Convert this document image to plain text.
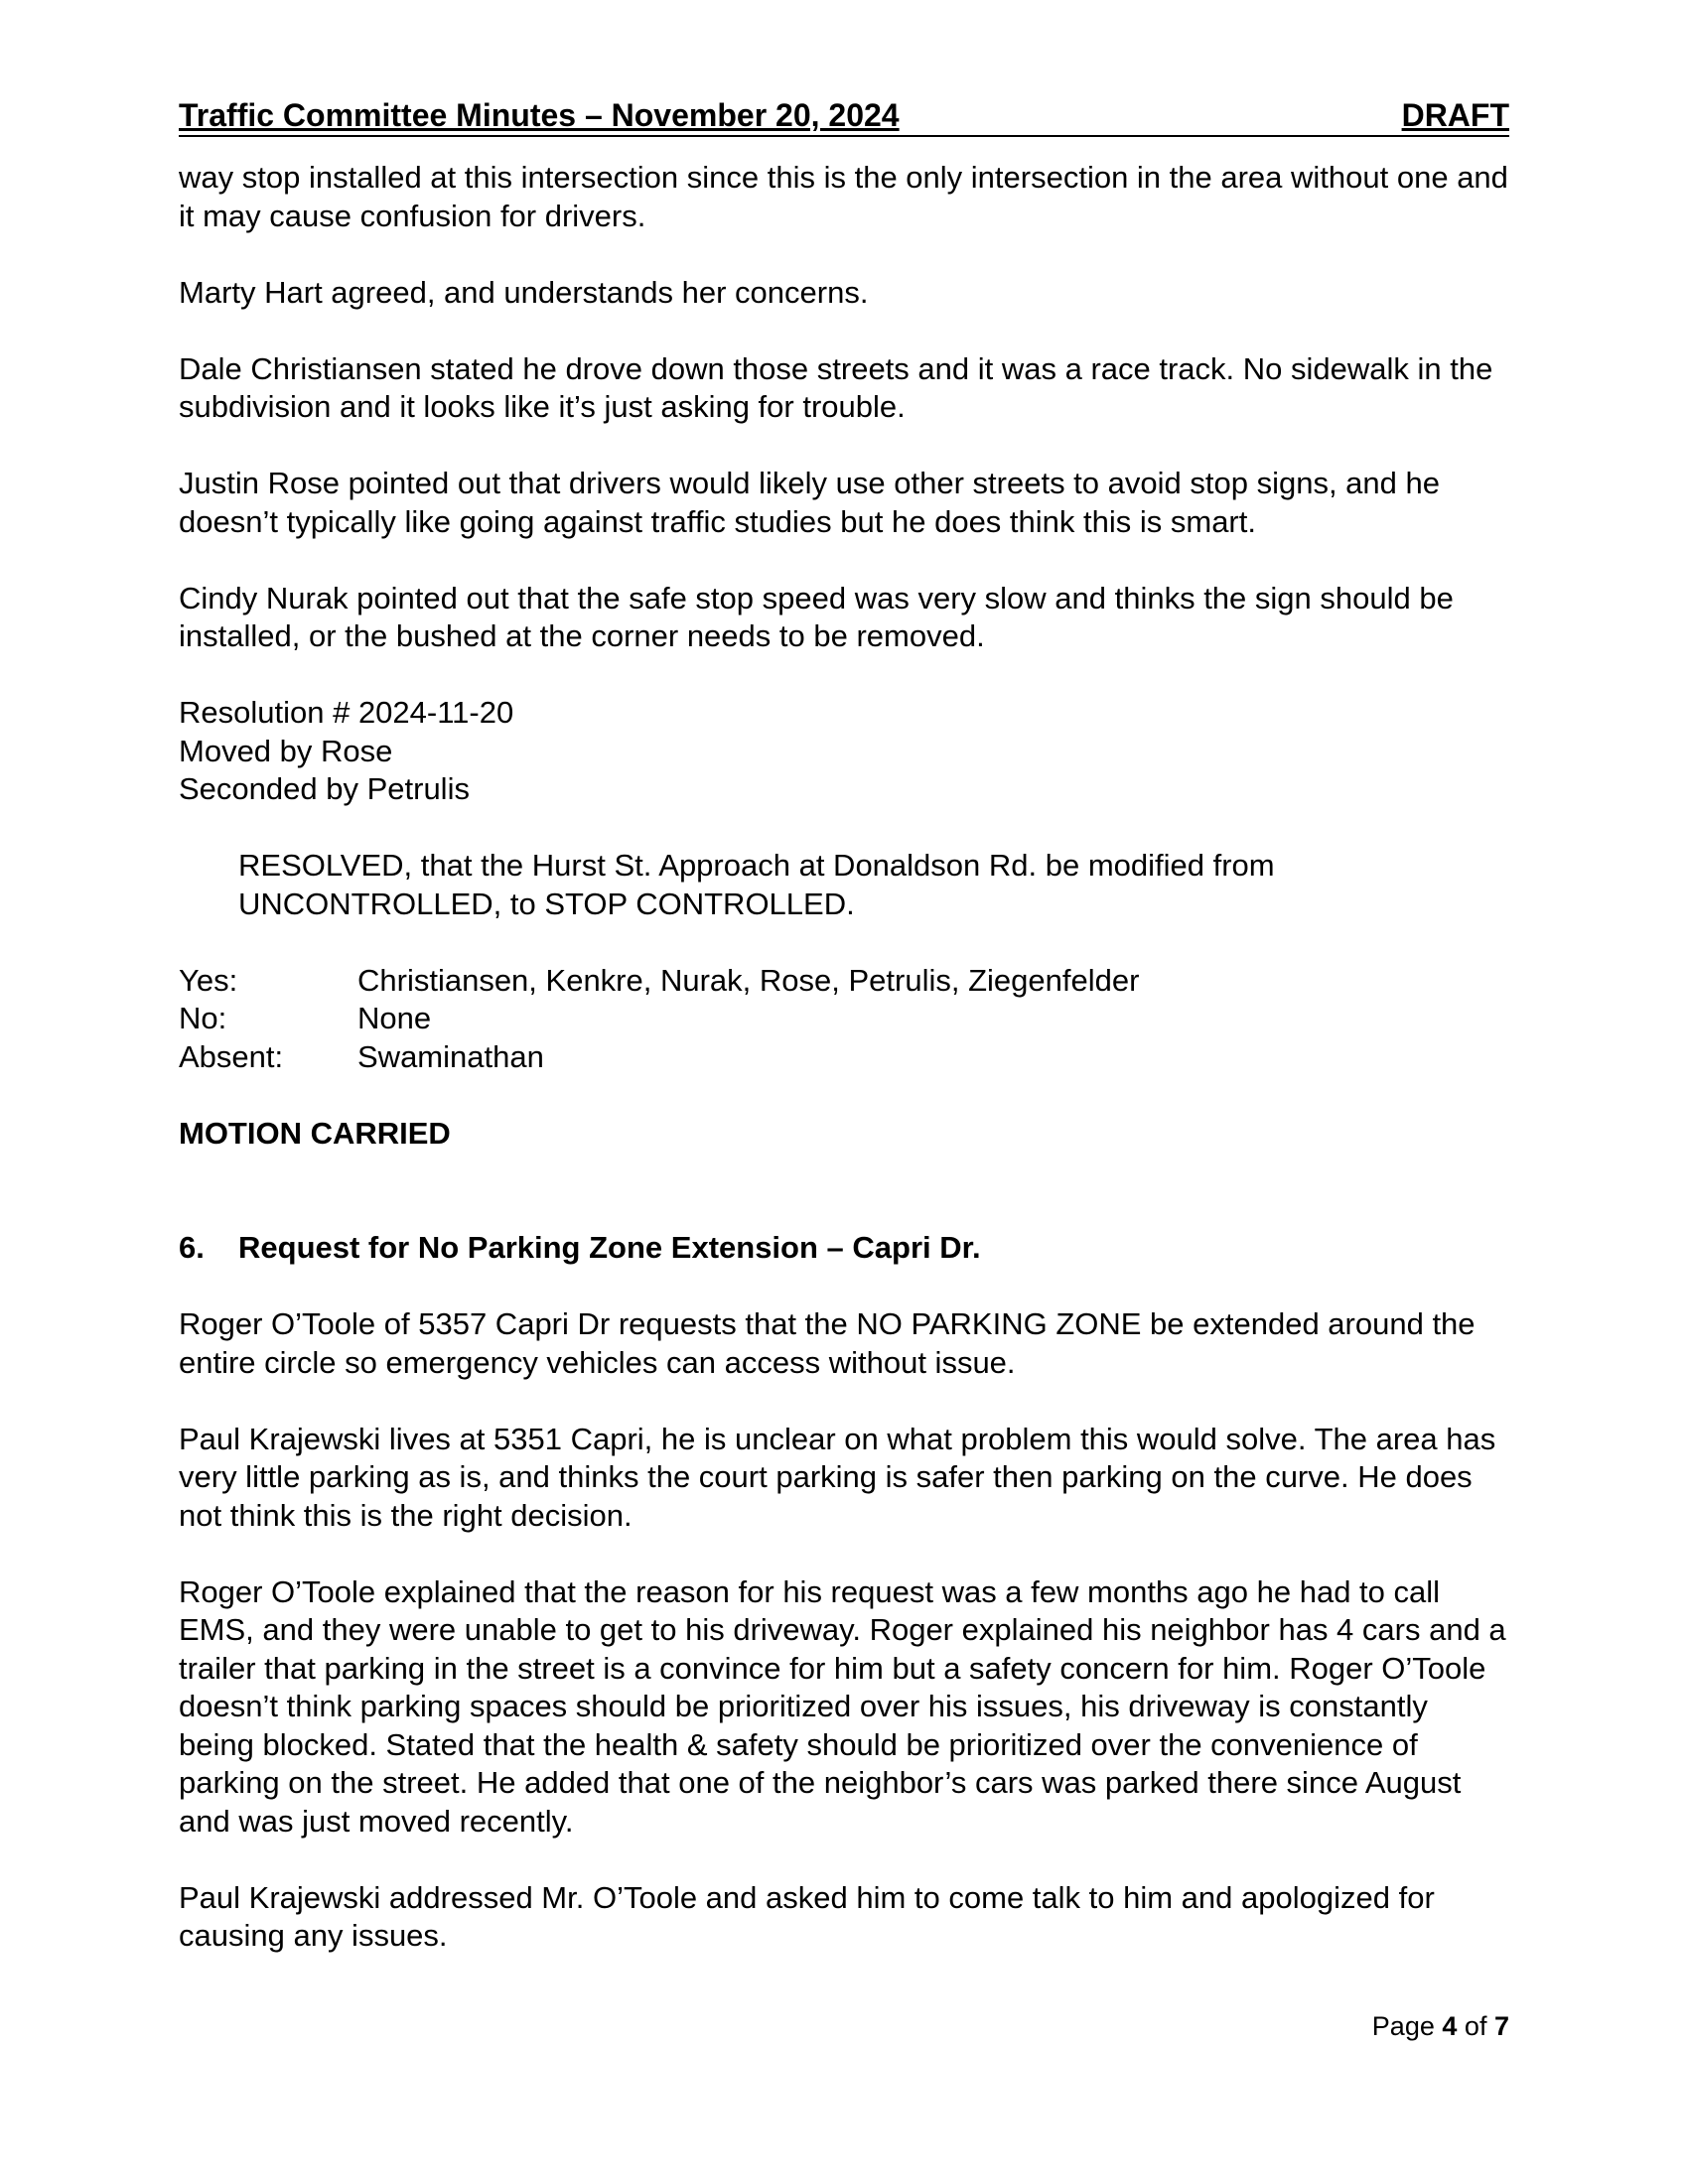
Traffic Committee Minutes – November 20, 2024	DRAFT

way stop installed at this intersection since this is the only intersection in the area without one and it may cause confusion for drivers.

Marty Hart agreed, and understands her concerns.

Dale Christiansen stated he drove down those streets and it was a race track. No sidewalk in the subdivision and it looks like it’s just asking for trouble.

Justin Rose pointed out that drivers would likely use other streets to avoid stop signs, and he doesn’t typically like going against traffic studies but he does think this is smart.

Cindy Nurak pointed out that the safe stop speed was very slow and thinks the sign should be installed, or the bushed at the corner needs to be removed.

Resolution # 2024-11-20
Moved by Rose
Seconded by Petrulis

RESOLVED, that the Hurst St. Approach at Donaldson Rd. be modified from UNCONTROLLED, to STOP CONTROLLED.

Yes:	Christiansen, Kenkre, Nurak, Rose, Petrulis, Ziegenfelder
No:	None
Absent:	Swaminathan
MOTION CARRIED
6.	Request for No Parking Zone Extension – Capri Dr.

Roger O’Toole of 5357 Capri Dr requests that the NO PARKING ZONE be extended around the entire circle so emergency vehicles can access without issue.

Paul Krajewski lives at 5351 Capri, he is unclear on what problem this would solve. The area has very little parking as is, and thinks the court parking is safer then parking on the curve. He does not think this is the right decision.

Roger O’Toole explained that the reason for his request was a few months ago he had to call EMS, and they were unable to get to his driveway. Roger explained his neighbor has 4 cars and a trailer that parking in the street is a convince for him but a safety concern for him. Roger O’Toole doesn’t think parking spaces should be prioritized over his issues, his driveway is constantly being blocked. Stated that the health & safety should be prioritized over the convenience of parking on the street. He added that one of the neighbor’s cars was parked there since August and was just moved recently.

Paul Krajewski addressed Mr. O’Toole and asked him to come talk to him and apologized for causing any issues.

Page 4 of 7
